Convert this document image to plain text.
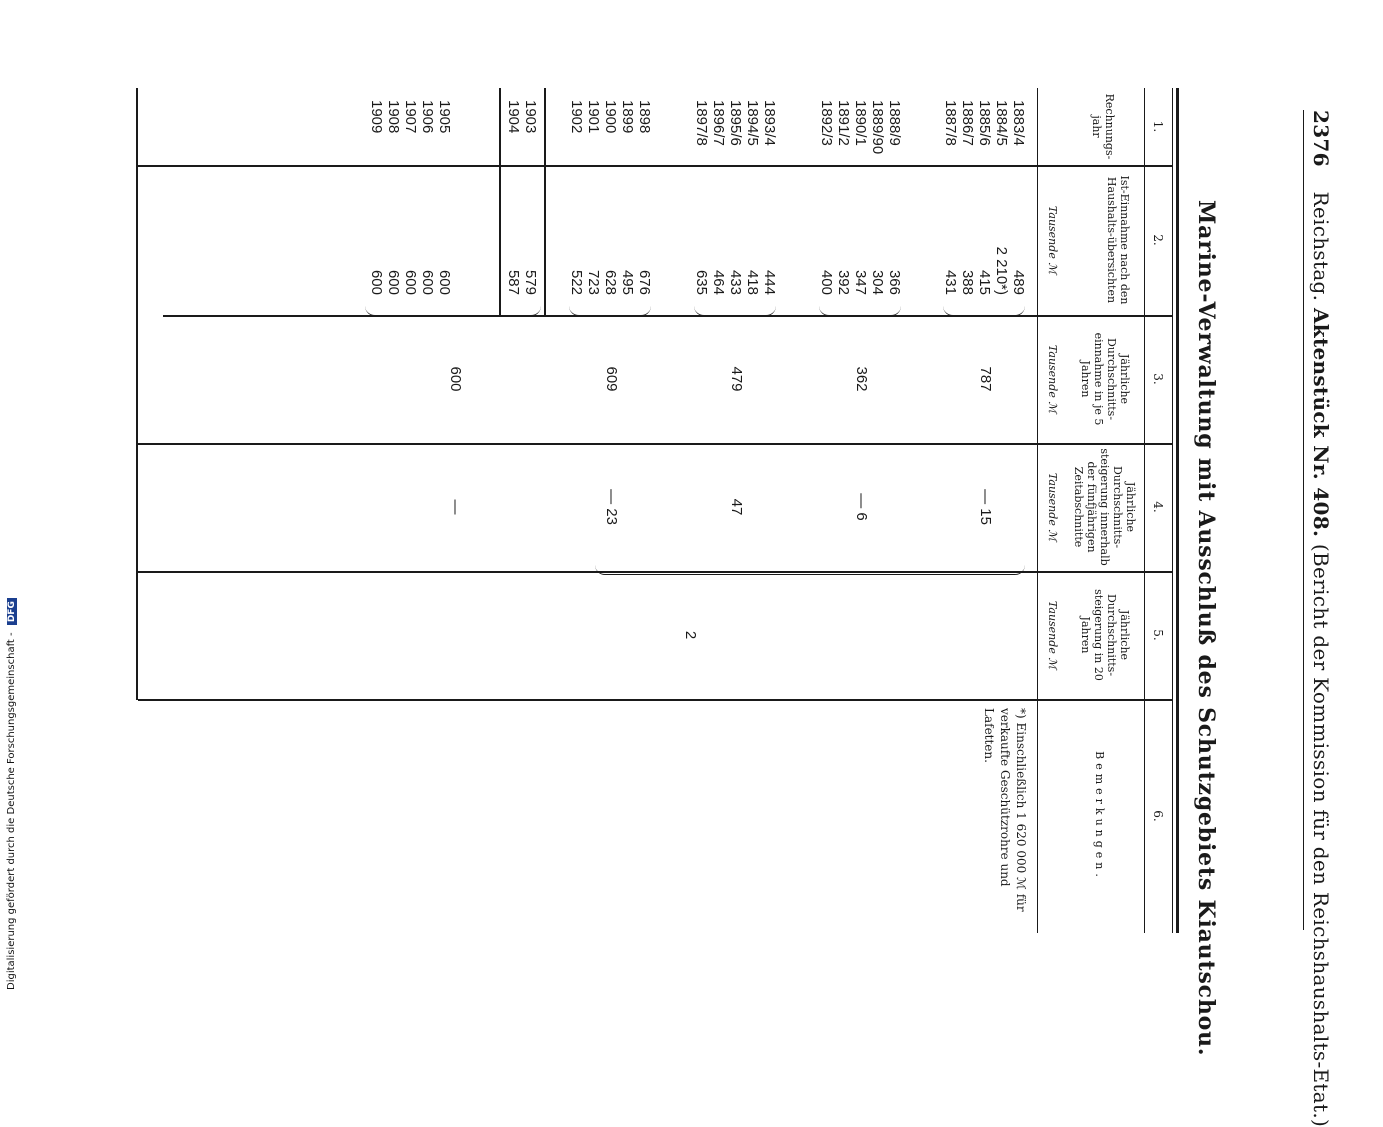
2376 Reichstag. Aktenstück Nr. 408. (Bericht der Kommission für den Reichshaushalts-Etat.)
Marine-Verwaltung mit Ausschluß des Schutzgebiets Kiautschou.
1.
2.
3.
4.
5.
6.
Rechnungs-jahr
Ist-Einnahme nach den Haushalts-übersichten
Jährliche Durchschnitts-einnahme in je 5 Jahren
Jährliche Durchschnitts-steigerung innerhalb der fünfjährigen Zeitabschnitte
Jährliche Durchschnitts-steigerung in 20 Jahren
Bemerkungen.
Tausende ℳ
Tausende ℳ
Tausende ℳ
Tausende ℳ
1883/4
489
1884/5
2 210*)
1885/6
415
1886/7
388
1887/8
431
787
— 15
1888/9
366
1889/90
304
1890/1
347
1891/2
392
1892/3
400
362
— 6
1893/4
444
1894/5
418
1895/6
433
1896/7
464
1897/8
635
479
47
1898
676
1899
495
1900
628
1901
723
1902
522
609
— 23
1903
579
1904
587
1905
600
1906
600
1907
600
1908
600
1909
600
600
—
2
*) Einschließlich 1 620 000 ℳ für verkaufte Geschützrohre und Lafetten.
Digitalisierung gefördert durch die Deutsche Forschungsgemeinschaft - DFG
